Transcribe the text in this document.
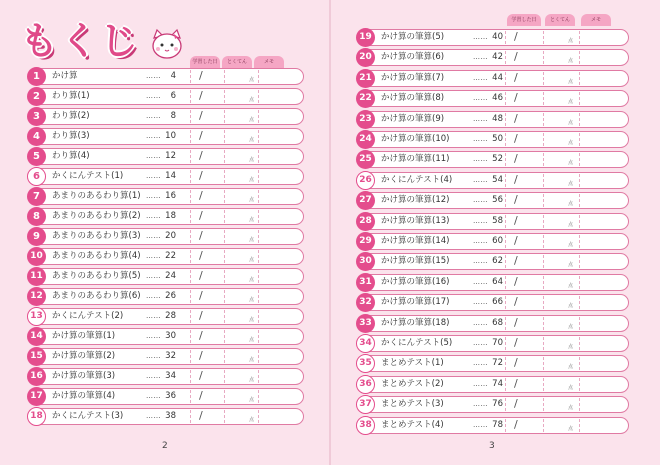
もくじ	学習した日	とくてん	メモ
1	かけ算	……	4 /	点
2	わり算(1)	……	6 /	点
3	わり算(2)	……	8 /	点
4	わり算(3)	…… 10 /	点
5	わり算(4)	…… 12 /	点
6	かくにんテスト(1)	…… 14 /	点
7	あまりのあるわり算(1) …… 16 /	点
8	あまりのあるわり算(2) …… 18 /	点
9	あまりのあるわり算(3) …… 20 /	点
10	あまりのあるわり算(4) …… 22 /	点
11	あまりのあるわり算(5) …… 24 /	点
12	あまりのあるわり算(6) …… 26 /	点
13	かくにんテスト(2)	…… 28 /	点
14	かけ算の筆算(1)	…… 30 /	点
15	かけ算の筆算(2)	…… 32 /	点
16	かけ算の筆算(3)	…… 34 /	点
17	かけ算の筆算(4)	…… 36 /	点
18	かくにんテスト(3)	…… 38 /	点
2
学習した日	とくてん	メモ
19	かけ算の筆算(5)	…… 40 /	点
20	かけ算の筆算(6)	…… 42 /	点
21	かけ算の筆算(7)	…… 44 /	点
22	かけ算の筆算(8)	…… 46 /	点
23	かけ算の筆算(9)	…… 48 /	点
24	かけ算の筆算(10)	…… 50 /	点
25	かけ算の筆算(11)	…… 52 /	点
26	かくにんテスト(4)	…… 54 /	点
27	かけ算の筆算(12)	…… 56 /	点
28	かけ算の筆算(13)	…… 58 /	点
29	かけ算の筆算(14)	…… 60 /	点
30	かけ算の筆算(15)	…… 62 /	点
31	かけ算の筆算(16)	…… 64 /	点
32	かけ算の筆算(17)	…… 66 /	点
33	かけ算の筆算(18)	…… 68 /	点
34	かくにんテスト(5)	…… 70 /	点
35	まとめテスト(1)	…… 72 /	点
36	まとめテスト(2)	…… 74 /	点
37	まとめテスト(3)	…… 76 /	点
38	まとめテスト(4)	…… 78 /	点
3
